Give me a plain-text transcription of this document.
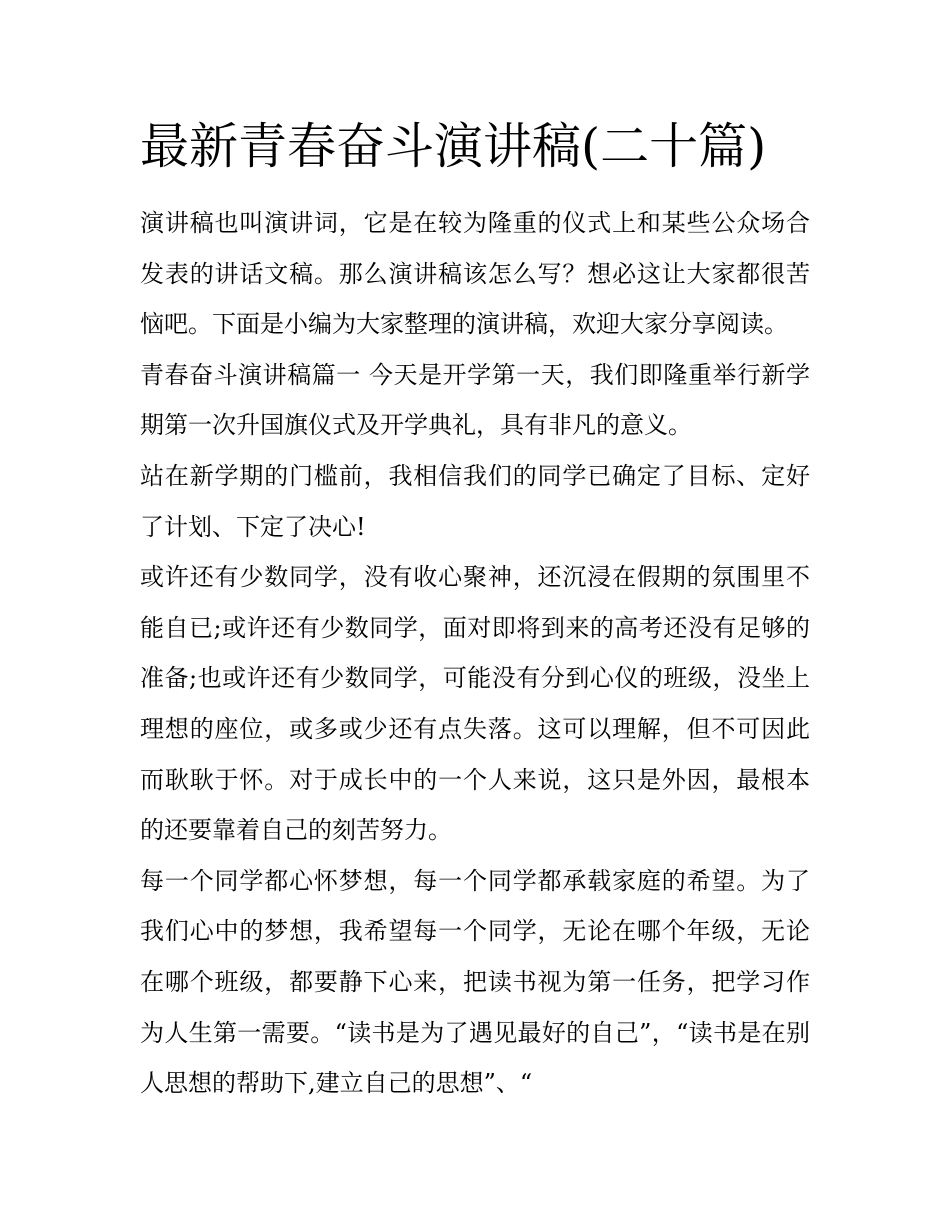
最新青春奋斗演讲稿(二十篇)

演讲稿也叫演讲词，它是在较为隆重的仪式上和某些公众场合发表的讲话文稿。那么演讲稿该怎么写？想必这让大家都很苦恼吧。下面是小编为大家整理的演讲稿，欢迎大家分享阅读。

青春奋斗演讲稿篇一 今天是开学第一天，我们即隆重举行新学期第一次升国旗仪式及开学典礼，具有非凡的意义。

站在新学期的门槛前，我相信我们的同学已确定了目标、定好了计划、下定了决心!

或许还有少数同学，没有收心聚神，还沉浸在假期的氛围里不能自已;或许还有少数同学，面对即将到来的高考还没有足够的准备;也或许还有少数同学，可能没有分到心仪的班级，没坐上理想的座位，或多或少还有点失落。这可以理解，但不可因此而耿耿于怀。对于成长中的一个人来说，这只是外因，最根本的还要靠着自己的刻苦努力。

每一个同学都心怀梦想，每一个同学都承载家庭的希望。为了我们心中的梦想，我希望每一个同学，无论在哪个年级，无论在哪个班级，都要静下心来，把读书视为第一任务，把学习作为人生第一需要。“读书是为了遇见最好的自己”，“读书是在别人思想的帮助下,建立自己的思想”、“
